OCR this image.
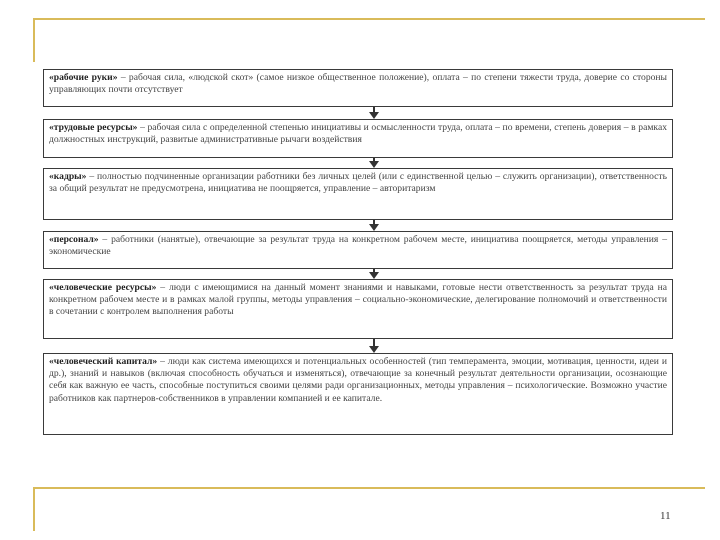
«рабочие руки» – рабочая сила, «людской скот» (самое низкое общественное положение), оплата – по степени тяжести труда, доверие со стороны управляющих почти отсутствует
«трудовые ресурсы» – рабочая сила с определенной степенью инициативы и осмысленности труда, оплата – по времени, степень доверия – в рамках должностных инструкций, развитые административные рычаги воздействия
«кадры» – полностью подчиненные организации работники без личных целей (или с единственной целью – служить организации), ответственность за общий результат не предусмотрена, инициатива не поощряется, управление – авторитаризм
«персонал» – работники (нанятые), отвечающие за результат труда на конкретном рабочем месте, инициатива поощряется, методы управления – экономические
«человеческие ресурсы» – люди с имеющимися на данный момент знаниями и навыками, готовые нести ответственность за результат труда на конкретном рабочем месте и в рамках малой группы, методы управления – социально-экономические, делегирование полномочий и ответственности в сочетании с контролем выполнения работы
«человеческий капитал» – люди как система имеющихся и потенциальных особенностей (тип темперамента, эмоции, мотивация, ценности, идеи и др.), знаний и навыков (включая способность обучаться и изменяться), отвечающие за конечный результат деятельности организации, осознающие себя как важную ее часть, способные поступиться своими целями ради организационных, методы управления – психологические. Возможно участие работников как партнеров-собственников в управлении компанией и ее капитале.
11
